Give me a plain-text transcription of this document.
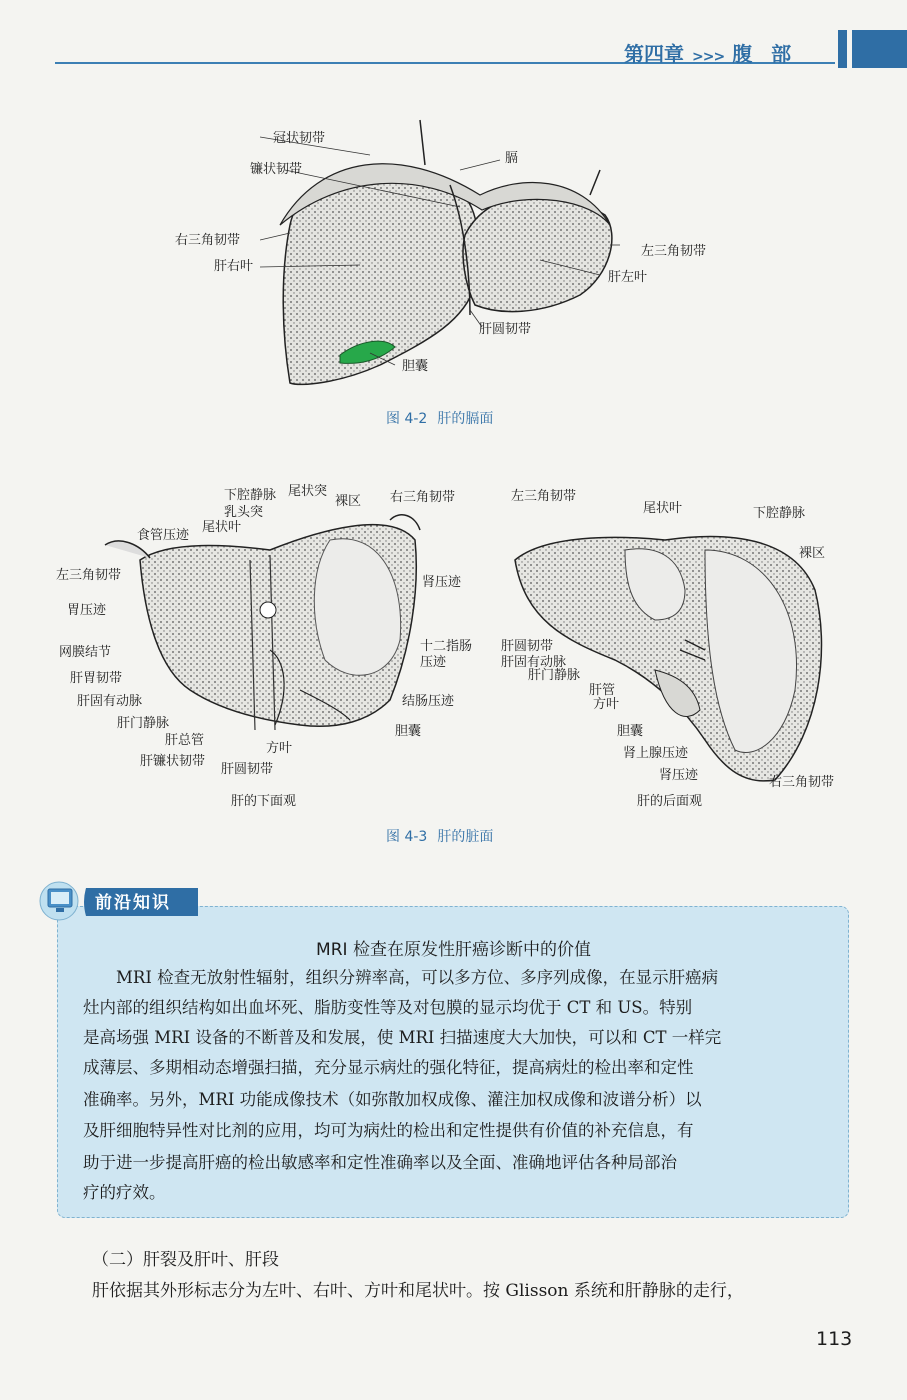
第四章 >>> 腹 部
冠状韧带
镰状韧带
膈
右三角韧带
左三角韧带
肝右叶
肝左叶
肝圆韧带
胆囊
图 4-2 肝的膈面
下腔静脉 尾状突
裸区 右三角韧带
乳头突
食管压迹
尾状叶
左三角韧带	肾压迹
胃压迹
十二指肠
压迹
网膜结节
肝胃韧带
肝固有动脉	结肠压迹
肝门静脉
胆囊
肝总管
方叶
肝镰状韧带
肝圆韧带
肝的下面观
左三角韧带
尾状叶	下腔静脉
裸区
肝圆韧带
肝固有动脉
肝门静脉
肝管
方叶
胆囊
肾上腺压迹
肾压迹	右三角韧带
肝的后面观
图 4-3 肝的脏面
前沿知识
MRI 检查在原发性肝癌诊断中的价值
　　MRI 检查无放射性辐射，组织分辨率高，可以多方位、多序列成像，在显示肝癌病
灶内部的组织结构如出血坏死、脂肪变性等及对包膜的显示均优于 CT 和 US。特别
是高场强 MRI 设备的不断普及和发展，使 MRI 扫描速度大大加快，可以和 CT 一样完
成薄层、多期相动态增强扫描，充分显示病灶的强化特征，提高病灶的检出率和定性
准确率。另外，MRI 功能成像技术（如弥散加权成像、灌注加权成像和波谱分析）以
及肝细胞特异性对比剂的应用，均可为病灶的检出和定性提供有价值的补充信息，有
助于进一步提高肝癌的检出敏感率和定性准确率以及全面、准确地评估各种局部治
疗的疗效。
（二）肝裂及肝叶、肝段
肝依据其外形标志分为左叶、右叶、方叶和尾状叶。按 Glisson 系统和肝静脉的走行，
113
